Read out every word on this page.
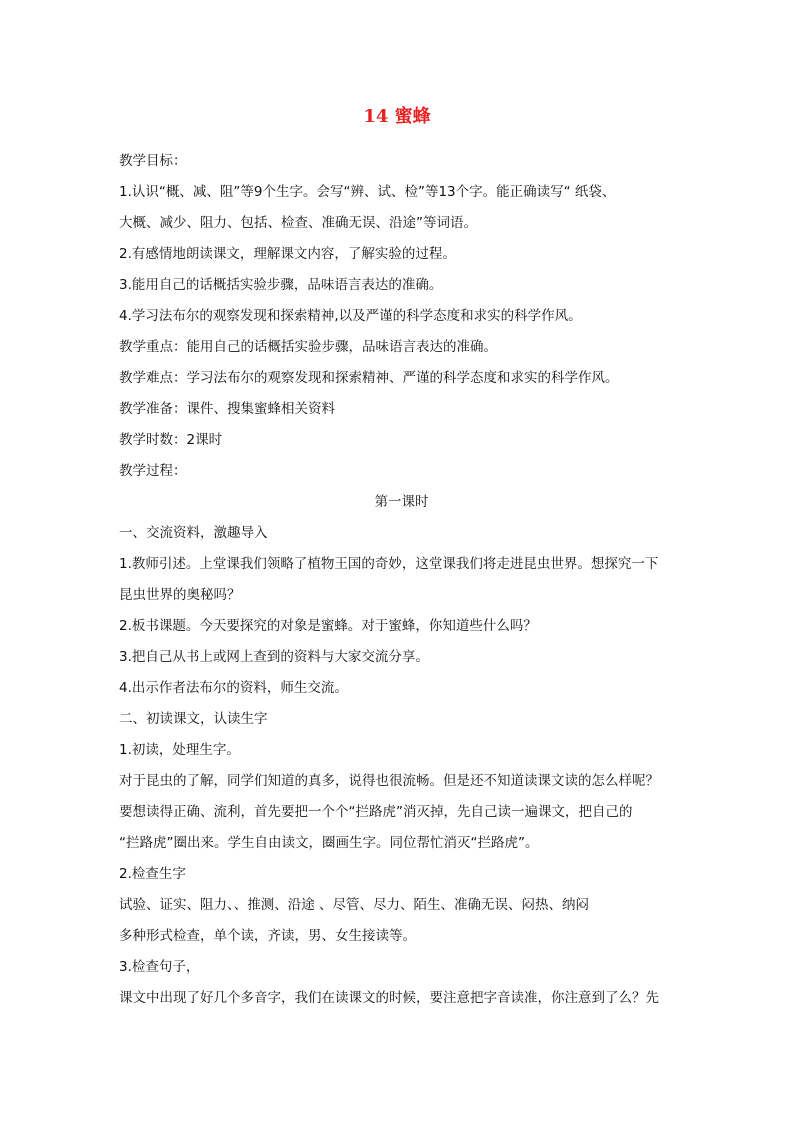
14 蜜蜂
教学目标：
1.认识“概、减、阻”等9个生字。会写“辨、试、检”等13个字。能正确读写“ 纸袋、
大概、减少、阻力、包括、检查、准确无误、沿途”等词语。
2.有感情地朗读课文，理解课文内容，了解实验的过程。
3.能用自己的话概括实验步骤，品味语言表达的准确。
4.学习法布尔的观察发现和探索精神,以及严谨的科学态度和求实的科学作风。
教学重点：能用自己的话概括实验步骤，品味语言表达的准确。
教学难点：学习法布尔的观察发现和探索精神、严谨的科学态度和求实的科学作风。
教学准备：课件、搜集蜜蜂相关资料
教学时数：2课时
教学过程：
第一课时
一、交流资料，激趣导入
1.教师引述。上堂课我们领略了植物王国的奇妙，这堂课我们将走进昆虫世界。想探究一下
昆虫世界的奥秘吗？
2.板书课题。今天要探究的对象是蜜蜂。对于蜜蜂，你知道些什么吗？
3.把自己从书上或网上查到的资料与大家交流分享。
4.出示作者法布尔的资料，师生交流。
二、初读课文，认读生字
1.初读，处理生字。
对于昆虫的了解，同学们知道的真多，说得也很流畅。但是还不知道读课文读的怎么样呢？
要想读得正确、流利，首先要把一个个“拦路虎”消灭掉，先自己读一遍课文，把自己的
“拦路虎”圈出来。学生自由读文，圈画生字。同位帮忙消灭“拦路虎”。
2.检查生字
试验、证实、阻力、、推测、沿途 、尽管、尽力、陌生、准确无误、闷热、纳闷
多种形式检查，单个读，齐读，男、女生接读等。
3.检查句子，
课文中出现了好几个多音字，我们在读课文的时候，要注意把字音读准，你注意到了么？先
